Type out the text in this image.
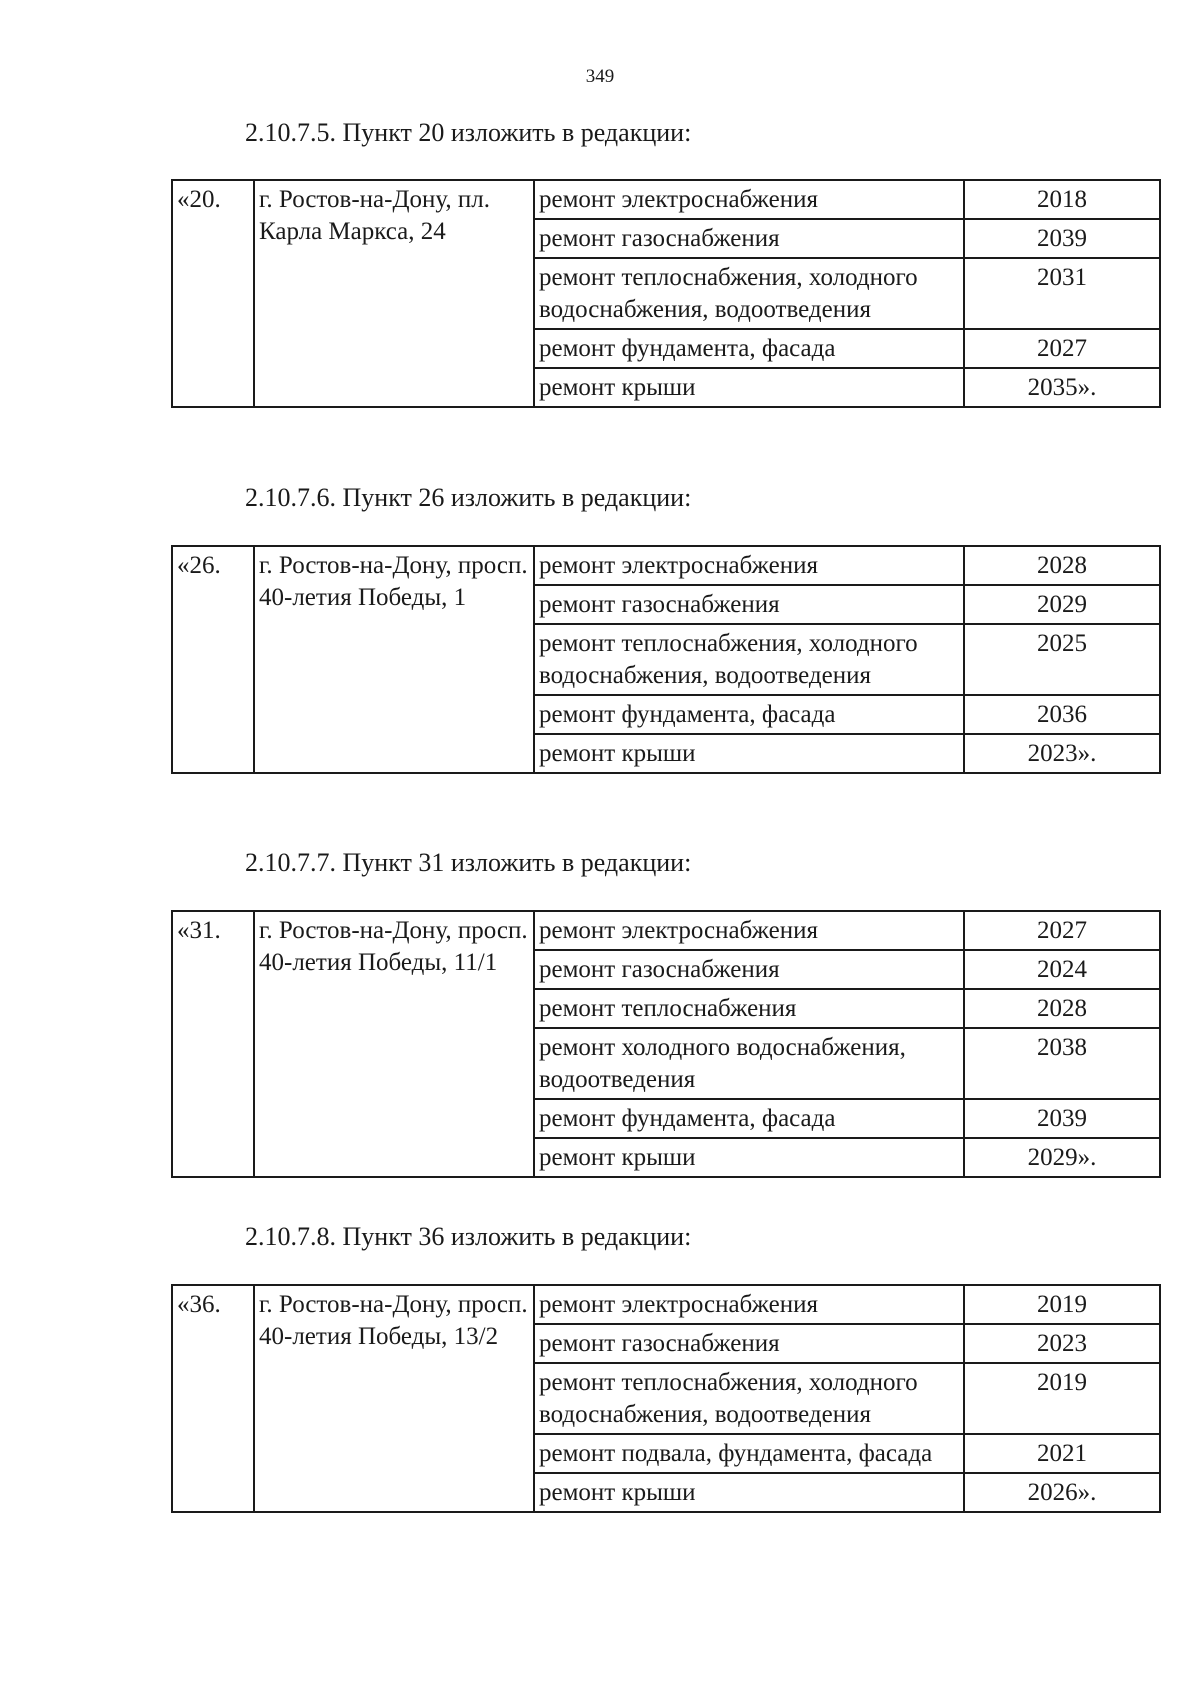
349
2.10.7.5. Пункт 20 изложить в редакции:
«20.	г. Ростов-на-Дону, пл. Карла Маркса, 24	ремонт электроснабжения	2018
		ремонт газоснабжения	2039
		ремонт теплоснабжения, холодного водоснабжения, водоотведения	2031
		ремонт фундамента, фасада	2027
		ремонт крыши	2035».
2.10.7.6. Пункт 26 изложить в редакции:
«26.	г. Ростов-на-Дону, просп. 40-летия Победы, 1	ремонт электроснабжения	2028
		ремонт газоснабжения	2029
		ремонт теплоснабжения, холодного водоснабжения, водоотведения	2025
		ремонт фундамента, фасада	2036
		ремонт крыши	2023».
2.10.7.7. Пункт 31 изложить в редакции:
«31.	г. Ростов-на-Дону, просп. 40-летия Победы, 11/1	ремонт электроснабжения	2027
		ремонт газоснабжения	2024
		ремонт теплоснабжения	2028
		ремонт холодного водоснабжения, водоотведения	2038
		ремонт фундамента, фасада	2039
		ремонт крыши	2029».
2.10.7.8. Пункт 36 изложить в редакции:
«36.	г. Ростов-на-Дону, просп. 40-летия Победы, 13/2	ремонт электроснабжения	2019
		ремонт газоснабжения	2023
		ремонт теплоснабжения, холодного водоснабжения, водоотведения	2019
		ремонт подвала, фундамента, фасада	2021
		ремонт крыши	2026».
